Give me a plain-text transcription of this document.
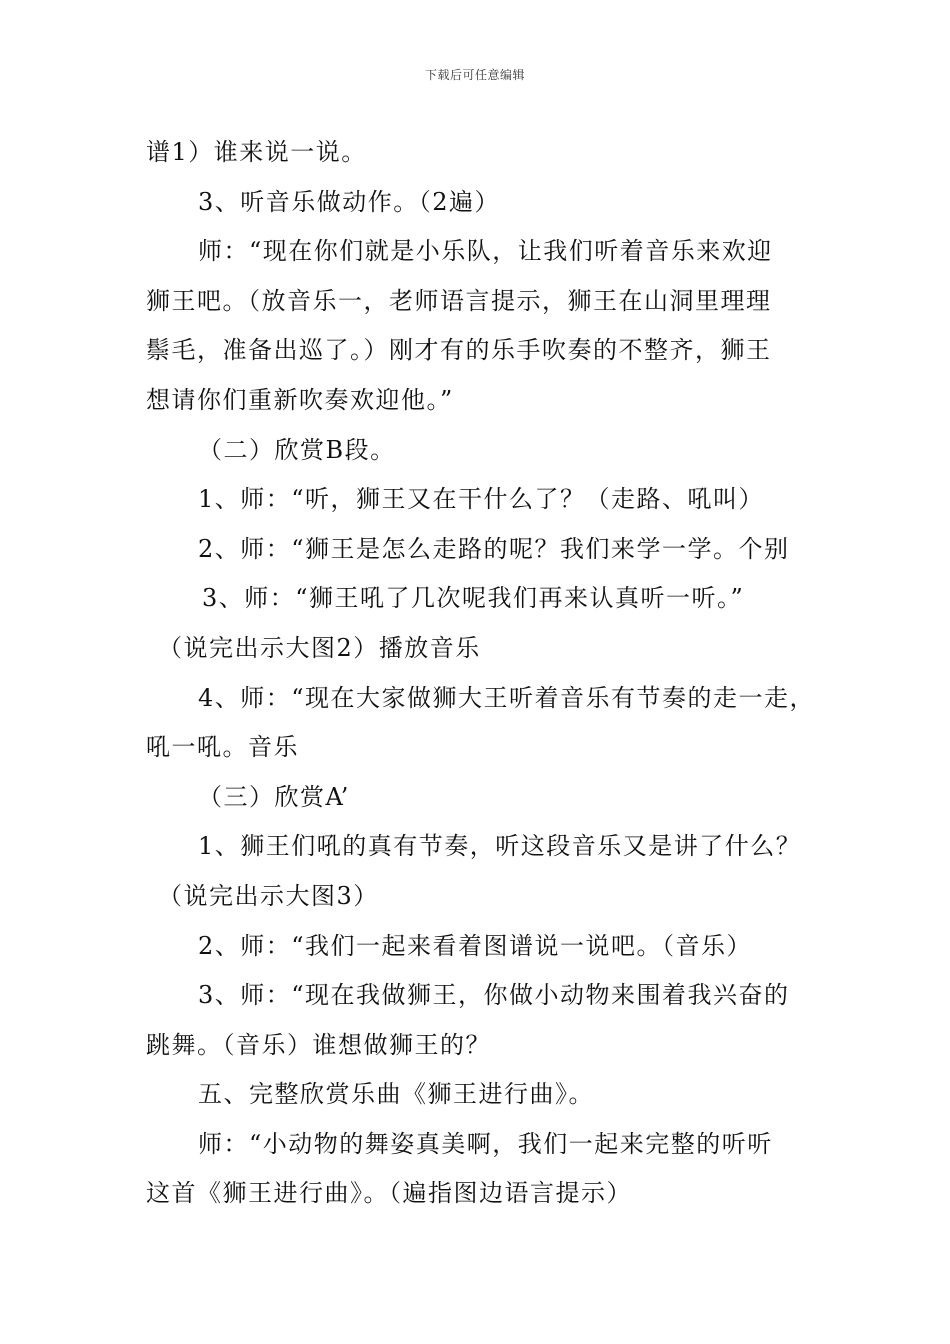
下载后可任意编辑
谱1）谁来说一说。
3、听音乐做动作。（2遍）
师：“现在你们就是小乐队，让我们听着音乐来欢迎
狮王吧。（放音乐一，老师语言提示，狮王在山洞里理理
鬃毛，准备出巡了。）刚才有的乐手吹奏的不整齐，狮王
想请你们重新吹奏欢迎他。”
（二）欣赏B段。
1、师：“听，狮王又在干什么了？（走路、吼叫）
2、师：“狮王是怎么走路的呢？我们来学一学。个别
3、师：“狮王吼了几次呢我们再来认真听一听。”
（说完出示大图2）播放音乐
4、师：“现在大家做狮大王听着音乐有节奏的走一走，
吼一吼。音乐
（三）欣赏A’
1、狮王们吼的真有节奏，听这段音乐又是讲了什么？
（说完出示大图3）
2、师：“我们一起来看着图谱说一说吧。（音乐）
3、师：“现在我做狮王，你做小动物来围着我兴奋的
跳舞。（音乐）谁想做狮王的？
五、完整欣赏乐曲《狮王进行曲》。
师：“小动物的舞姿真美啊，我们一起来完整的听听
这首《狮王进行曲》。（遍指图边语言提示）
